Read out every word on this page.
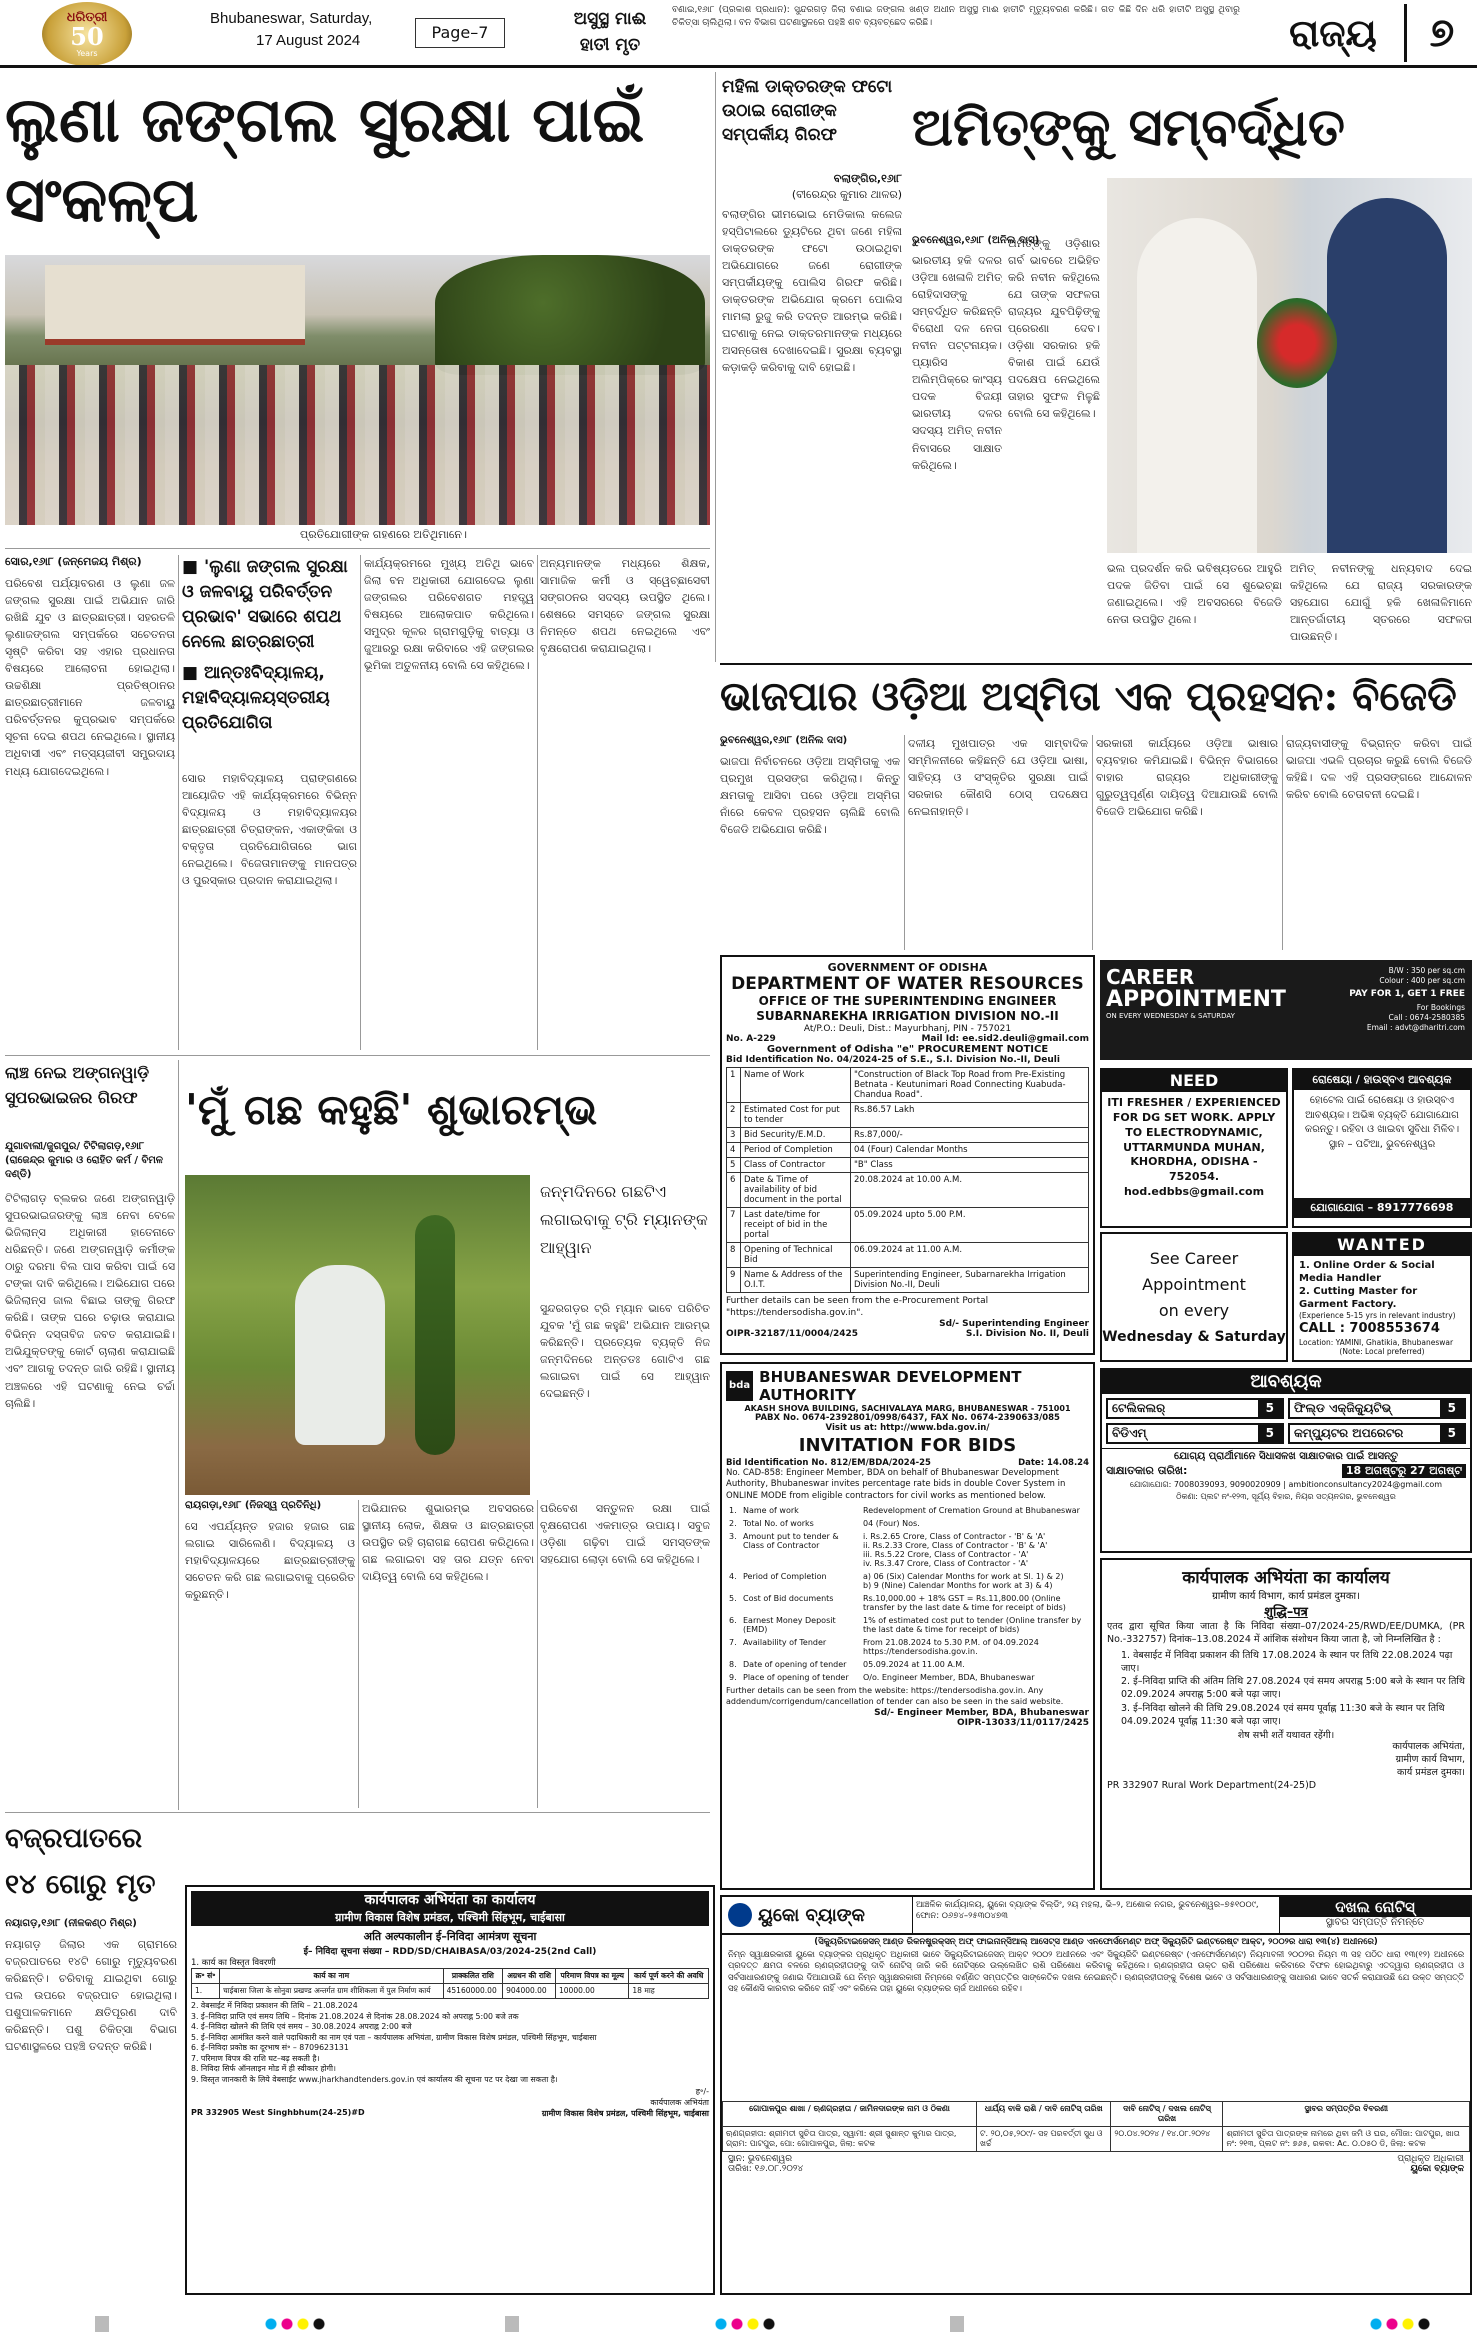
ଧରିତ୍ରୀ
50
Years
Bhubaneswar, Saturday,
17 August 2024	Page–7
ଅସୁସ୍ଥ ମାଈ
ହାତୀ ମୃତ
ବଣାଇ,୧୬ା୮ (ପ୍ରକାଶ ପ୍ରଧାନ): ସୁନ୍ଦରଗଡ଼ ଜିଲା ବଣାଇ ଜଙ୍ଗଲ ଖଣ୍ଡ ଅଧୀନ ଅସୁସ୍ଥ ମାଈ ହାତୀଟି ମୃତ୍ୟୁବରଣ କରିଛି। ଗତ କିଛି ଦିନ ଧରି ହାତୀଟି ଅସୁସ୍ଥ ଥିବାରୁ ଚିକିତ୍ସା ଚାଲିଥିଲା। ବନ ବିଭାଗ ଘଟଣାସ୍ଥଳରେ ପହଞ୍ଚି ଶବ ବ୍ୟବଚ୍ଛେଦ କରିଛି।	ରାଜ୍ୟ	୭
ଲୁଣା ଜଙ୍ଗଲ ସୁରକ୍ଷା ପାଇଁ ସଂକଳ୍ପ
ପ୍ରତିଯୋଗୀଙ୍କ ଗହଣରେ ଅତିଥିମାନେ।
ସୋର,୧୬ା୮ (ଜନ୍ମେଜୟ ମିଶ୍ର)
ପରିବେଶ ପର୍ଯ୍ୟାବରଣ ଓ ଲୁଣା ଜଳ ଜଙ୍ଗଲ ସୁରକ୍ଷା ପାଇଁ ଅଭିଯାନ ଜାରି ରଖିଛି ଯୁବ ଓ ଛାତ୍ରଛାତ୍ରୀ। ସହରତଳି ଲୁଣାଜଙ୍ଗଲ ସମ୍ପର୍କରେ ସଚେତନତା ସୃଷ୍ଟି କରିବା ସହ ଏହାର ପ୍ରଧାନତା ବିଷୟରେ ଆଲୋଚନା ହୋଇଥିଲା। ଉଚ୍ଚଶିକ୍ଷା ପ୍ରତିଷ୍ଠାନର ଛାତ୍ରଛାତ୍ରୀମାନେ ଜଳବାୟୁ ପରିବର୍ତ୍ତନର କୁପ୍ରଭାବ ସମ୍ପର୍କରେ ସୂଚନା ଦେଇ ଶପଥ ନେଇଥିଲେ। ସ୍ଥାନୀୟ ଅଧିବାସୀ ଏବଂ ମତ୍ସ୍ୟଜୀବୀ ସମ୍ପ୍ରଦାୟ ମଧ୍ୟ ଯୋଗଦେଇଥିଲେ।
■ 'ଲୁଣା ଜଙ୍ଗଲ ସୁରକ୍ଷା ଓ ଜଳବାୟୁ ପରିବର୍ତ୍ତନ ପ୍ରଭାବ' ସଭାରେ ଶପଥ ନେଲେ ଛାତ୍ରଛାତ୍ରୀ
■ ଆନ୍ତଃବିଦ୍ୟାଳୟ, ମହାବିଦ୍ୟାଳୟସ୍ତରୀୟ ପ୍ରତିଯୋଗିତା
ସୋର ମହାବିଦ୍ୟାଳୟ ପ୍ରାଙ୍ଗଣରେ ଆୟୋଜିତ ଏହି କାର୍ଯ୍ୟକ୍ରମରେ ବିଭିନ୍ନ ବିଦ୍ୟାଳୟ ଓ ମହାବିଦ୍ୟାଳୟର ଛାତ୍ରଛାତ୍ରୀ ଚିତ୍ରାଙ୍କନ, ଏକାଙ୍କିକା ଓ ବକ୍ତୃତା ପ୍ରତିଯୋଗିତାରେ ଭାଗ ନେଇଥିଲେ। ବିଜେତାମାନଙ୍କୁ ମାନପତ୍ର ଓ ପୁରସ୍କାର ପ୍ରଦାନ କରାଯାଇଥିଲା।
କାର୍ଯ୍ୟକ୍ରମରେ ମୁଖ୍ୟ ଅତିଥି ଭାବେ ଜିଲା ବନ ଅଧିକାରୀ ଯୋଗଦେଇ ଲୁଣା ଜଙ୍ଗଲର ପରିବେଶଗତ ମହତ୍ତ୍ୱ ବିଷୟରେ ଆଲୋକପାତ କରିଥିଲେ। ସମୁଦ୍ର କୂଳର ଗ୍ରାମଗୁଡ଼ିକୁ ବାତ୍ୟା ଓ ଜୁଆରରୁ ରକ୍ଷା କରିବାରେ ଏହି ଜଙ୍ଗଲର ଭୂମିକା ଅତୁଳନୀୟ ବୋଲି ସେ କହିଥିଲେ।
ଅନ୍ୟମାନଙ୍କ ମଧ୍ୟରେ ଶିକ୍ଷକ, ସାମାଜିକ କର୍ମୀ ଓ ସ୍ୱେଚ୍ଛାସେବୀ ସଙ୍ଗଠନର ସଦସ୍ୟ ଉପସ୍ଥିତ ଥିଲେ। ଶେଷରେ ସମସ୍ତେ ଜଙ୍ଗଲ ସୁରକ୍ଷା ନିମନ୍ତେ ଶପଥ ନେଇଥିଲେ ଏବଂ ବୃକ୍ଷରୋପଣ କରାଯାଇଥିଲା।
ମହିଳା ଡାକ୍ତରଙ୍କ ଫଟୋ ଉଠାଇ ରୋଗୀଙ୍କ ସମ୍ପର୍କୀୟ ଗିରଫ
ବଲାଙ୍ଗିର,୧୬ା୮
(ବୀରେନ୍ଦ୍ର କୁମାର ଥାଳର)
ବଲାଙ୍ଗିର ଭୀମଭୋଇ ମେଡିକାଲ କଲେଜ ହସ୍ପିଟାଲରେ ଡ୍ୟୁଟିରେ ଥିବା ଜଣେ ମହିଳା ଡାକ୍ତରଙ୍କ ଫଟୋ ଉଠାଇଥିବା ଅଭିଯୋଗରେ ଜଣେ ରୋଗୀଙ୍କ ସମ୍ପର୍କୀୟଙ୍କୁ ପୋଲିସ ଗିରଫ କରିଛି। ଡାକ୍ତରଙ୍କ ଅଭିଯୋଗ କ୍ରମେ ପୋଲିସ ମାମଲା ରୁଜୁ କରି ତଦନ୍ତ ଆରମ୍ଭ କରିଛି। ଘଟଣାକୁ ନେଇ ଡାକ୍ତରମାନଙ୍କ ମଧ୍ୟରେ ଅସନ୍ତୋଷ ଦେଖାଦେଇଛି। ସୁରକ୍ଷା ବ୍ୟବସ୍ଥା କଡ଼ାକଡ଼ି କରିବାକୁ ଦାବି ହୋଇଛି।
ଅମିତ୍‌ଙ୍କୁ ସମ୍ବର୍ଦ୍ଧିତ
ଭୁବନେଶ୍ୱର,୧୬ା୮ (ଅନିଲ ଦାସ)
ଭାରତୀୟ ହକି ଦଳର ଓଡ଼ିଆ ଖେଳାଳି ଅମିତ୍ ରୋହିଦାସଙ୍କୁ ସମ୍ବର୍ଦ୍ଧିତ କରିଛନ୍ତି ବିରୋଧୀ ଦଳ ନେତା ନବୀନ ପଟ୍ଟନାୟକ। ପ୍ୟାରିସ ଅଲିମ୍ପିକ୍‌ରେ କାଂସ୍ୟ ପଦକ ବିଜୟୀ ଭାରତୀୟ ଦଳର ସଦସ୍ୟ ଅମିତ୍ ନବୀନ ନିବାସରେ ସାକ୍ଷାତ କରିଥିଲେ।
ଅମିତ୍‌ଙ୍କୁ ଓଡ଼ିଶାର ଗର୍ବ ଭାବରେ ଅଭିହିତ କରି ନବୀନ କହିଥିଲେ ଯେ ତାଙ୍କ ସଫଳତା ରାଜ୍ୟର ଯୁବପିଢ଼ିଙ୍କୁ ପ୍ରେରଣା ଦେବ। ଓଡ଼ିଶା ସରକାର ହକି ବିକାଶ ପାଇଁ ଯେଉଁ ପଦକ୍ଷେପ ନେଇଥିଲେ ତାହାର ସୁଫଳ ମିଳୁଛି ବୋଲି ସେ କହିଥିଲେ।
ଭଲ ପ୍ରଦର୍ଶନ କରି ଭବିଷ୍ୟତରେ ଆହୁରି ପଦକ ଜିତିବା ପାଇଁ ସେ ଶୁଭେଚ୍ଛା ଜଣାଇଥିଲେ। ଏହି ଅବସରରେ ବିଜେଡି ନେତା ଉପସ୍ଥିତ ଥିଲେ।
ଅମିତ୍ ନବୀନଙ୍କୁ ଧନ୍ୟବାଦ ଦେଇ କହିଥିଲେ ଯେ ରାଜ୍ୟ ସରକାରଙ୍କ ସହଯୋଗ ଯୋଗୁଁ ହକି ଖେଳାଳିମାନେ ଆନ୍ତର୍ଜାତୀୟ ସ୍ତରରେ ସଫଳତା ପାଉଛନ୍ତି।
ଭାଜପାର ଓଡ଼ିଆ ଅସ୍ମିତା ଏକ ପ୍ରହସନ: ବିଜେଡି
ଭୁବନେଶ୍ୱର,୧୬ା୮ (ଅନିଲ ଦାସ)
ଭାଜପା ନିର୍ବାଚନରେ ଓଡ଼ିଆ ଅସ୍ମିତାକୁ ଏକ ପ୍ରମୁଖ ପ୍ରସଙ୍ଗ କରିଥିଲା। କିନ୍ତୁ କ୍ଷମତାକୁ ଆସିବା ପରେ ଓଡ଼ିଆ ଅସ୍ମିତା ନାଁରେ କେବଳ ପ୍ରହସନ ଚାଲିଛି ବୋଲି ବିଜେଡି ଅଭିଯୋଗ କରିଛି।
ଦଳୀୟ ମୁଖପାତ୍ର ଏକ ସାମ୍ବାଦିକ ସମ୍ମିଳନୀରେ କହିଛନ୍ତି ଯେ ଓଡ଼ିଆ ଭାଷା, ସାହିତ୍ୟ ଓ ସଂସ୍କୃତିର ସୁରକ୍ଷା ପାଇଁ ସରକାର କୌଣସି ଠୋସ୍ ପଦକ୍ଷେପ ନେଇନାହାନ୍ତି।
ସରକାରୀ କାର୍ଯ୍ୟରେ ଓଡ଼ିଆ ଭାଷାର ବ୍ୟବହାର କମିଯାଇଛି। ବିଭିନ୍ନ ବିଭାଗରେ ବାହାର ରାଜ୍ୟର ଅଧିକାରୀଙ୍କୁ ଗୁରୁତ୍ୱପୂର୍ଣ୍ଣ ଦାୟିତ୍ୱ ଦିଆଯାଉଛି ବୋଲି ବିଜେଡି ଅଭିଯୋଗ କରିଛି।
ରାଜ୍ୟବାସୀଙ୍କୁ ବିଭ୍ରାନ୍ତ କରିବା ପାଇଁ ଭାଜପା ଏଭଳି ପ୍ରଚାର କରୁଛି ବୋଲି ବିଜେଡି କହିଛି। ଦଳ ଏହି ପ୍ରସଙ୍ଗରେ ଆନ୍ଦୋଳନ କରିବ ବୋଲି ଚେତାବନୀ ଦେଇଛି।
ଲାଞ୍ଚ ନେଇ ଅଙ୍ଗନୱାଡ଼ି ସୁପରଭାଇଜର ଗିରଫ
ଯୁଗାବାଲୀ/ଜୁଗପୁର/ ଟିଟିଲାଗଡ଼,୧୬ା୮ (ରାଜେନ୍ଦ୍ର କୁମାର ଓ ରୋହିତ କର୍ମ / ବିମଳ ଦଣ୍ଡି)
ଟିଟିଲାଗଡ଼ ବ୍ଲକର ଜଣେ ଅଙ୍ଗନୱାଡ଼ି ସୁପରଭାଇଜରଙ୍କୁ ଲାଞ୍ଚ ନେବା ବେଳେ ଭିଜିଲାନ୍ସ ଅଧିକାରୀ ହାତେନାତେ ଧରିଛନ୍ତି। ଜଣେ ଅଙ୍ଗନୱାଡ଼ି କର୍ମୀଙ୍କ ଠାରୁ ଦରମା ବିଲ ପାସ କରିବା ପାଇଁ ସେ ଟଙ୍କା ଦାବି କରିଥିଲେ। ଅଭିଯୋଗ ପରେ ଭିଜିଲାନ୍ସ ଜାଲ ବିଛାଇ ତାଙ୍କୁ ଗିରଫ କରିଛି। ତାଙ୍କ ଘରେ ଚଢ଼ାଉ କରାଯାଇ ବିଭିନ୍ନ ଦସ୍ତାବିଜ ଜବତ କରାଯାଇଛି। ଅଭିଯୁକ୍ତଙ୍କୁ କୋର୍ଟ ଚାଲାଣ କରାଯାଇଛି ଏବଂ ଆଗକୁ ତଦନ୍ତ ଜାରି ରହିଛି। ସ୍ଥାନୀୟ ଅଞ୍ଚଳରେ ଏହି ଘଟଣାକୁ ନେଇ ଚର୍ଚ୍ଚା ଚାଲିଛି।
'ମୁଁ ଗଛ କହୁଛି' ଶୁଭାରମ୍ଭ
ଜନ୍ମଦିନରେ ଗଛଟିଏ ଲଗାଇବାକୁ ଟ୍ରି ମ୍ୟାନଙ୍କ ଆହ୍ୱାନ
ସୁନ୍ଦରଗଡ଼ର ଟ୍ରି ମ୍ୟାନ ଭାବେ ପରିଚିତ ଯୁବକ 'ମୁଁ ଗଛ କହୁଛି' ଅଭିଯାନ ଆରମ୍ଭ କରିଛନ୍ତି। ପ୍ରତ୍ୟେକ ବ୍ୟକ୍ତି ନିଜ ଜନ୍ମଦିନରେ ଅନ୍ତତଃ ଗୋଟିଏ ଗଛ ଲଗାଇବା ପାଇଁ ସେ ଆହ୍ୱାନ ଦେଇଛନ୍ତି।
ରାୟଗଡ଼ା,୧୬ା୮ (ନିଜସ୍ୱ ପ୍ରତିନିଧି)
ସେ ଏପର୍ଯ୍ୟନ୍ତ ହଜାର ହଜାର ଗଛ ଲଗାଇ ସାରିଲେଣି। ବିଦ୍ୟାଳୟ ଓ ମହାବିଦ୍ୟାଳୟରେ ଛାତ୍ରଛାତ୍ରୀଙ୍କୁ ସଚେତନ କରି ଗଛ ଲଗାଇବାକୁ ପ୍ରେରିତ କରୁଛନ୍ତି।
ଅଭିଯାନର ଶୁଭାରମ୍ଭ ଅବସରରେ ସ୍ଥାନୀୟ ଲୋକ, ଶିକ୍ଷକ ଓ ଛାତ୍ରଛାତ୍ରୀ ଉପସ୍ଥିତ ରହି ଚାରାଗଛ ରୋପଣ କରିଥିଲେ। ଗଛ ଲଗାଇବା ସହ ତାର ଯତ୍ନ ନେବା ଦାୟିତ୍ୱ ବୋଲି ସେ କହିଥିଲେ।
ପରିବେଶ ସନ୍ତୁଳନ ରକ୍ଷା ପାଇଁ ବୃକ୍ଷରୋପଣ ଏକମାତ୍ର ଉପାୟ। ସବୁଜ ଓଡ଼ିଶା ଗଢ଼ିବା ପାଇଁ ସମସ୍ତଙ୍କ ସହଯୋଗ ଲୋଡ଼ା ବୋଲି ସେ କହିଥିଲେ।
ବଜ୍ରପାତରେ
୧୪ ଗୋରୁ ମୃତ
ନୟାଗଡ଼,୧୬ା୮ (ନୀଳକଣ୍ଠ ମିଶ୍ର)
ନୟାଗଡ଼ ଜିଲାର ଏକ ଗ୍ରାମରେ ବଜ୍ରପାତରେ ୧୪ଟି ଗୋରୁ ମୃତ୍ୟୁବରଣ କରିଛନ୍ତି। ଚରିବାକୁ ଯାଇଥିବା ଗୋରୁ ପଲ ଉପରେ ବଜ୍ରପାତ ହୋଇଥିଲା। ପଶୁପାଳକମାନେ କ୍ଷତିପୂରଣ ଦାବି କରିଛନ୍ତି। ପଶୁ ଚିକିତ୍ସା ବିଭାଗ ଘଟଣାସ୍ଥଳରେ ପହଞ୍ଚି ତଦନ୍ତ କରିଛି।
GOVERNMENT OF ODISHA
DEPARTMENT OF WATER RESOURCES
OFFICE OF THE SUPERINTENDING ENGINEER SUBARNAREKHA IRRIGATION DIVISION NO.-II
At/P.O.: Deuli, Dist.: Mayurbhanj, PIN - 757021
No. A-229	Mail Id: ee.sid2.deuli@gmail.com
Government of Odisha "e" PROCUREMENT NOTICE
Bid Identification No. 04/2024-25 of S.E., S.I. Division No.-II, Deuli
1	Name of Work	"Construction of Black Top Road from Pre-Existing Betnata - Keutunimari Road Connecting Kuabuda-Chandua Road".
2	Estimated Cost for put to tender	Rs.86.57 Lakh
3	Bid Security/E.M.D.	Rs.87,000/-
4	Period of Completion	04 (Four) Calendar Months
5	Class of Contractor	"B" Class
6	Date & Time of availability of bid document in the portal	20.08.2024 at 10.00 A.M.
7	Last date/time for receipt of bid in the portal	05.09.2024 upto 5.00 P.M.
8	Opening of Technical Bid	06.09.2024 at 11.00 A.M.
9	Name & Address of the O.I.T.	Superintending Engineer, Subarnarekha Irrigation Division No.-II, Deuli
Further details can be seen from the e-Procurement Portal "https://tendersodisha.gov.in".
Sd/- Superintending Engineer
OIPR-32187/11/0004/2425	S.I. Division No. II, Deuli
bda BHUBANESWAR DEVELOPMENT AUTHORITY
AKASH SHOVA BUILDING, SACHIVALAYA MARG, BHUBANESWAR - 751001
PABX No. 0674-2392801/0998/6437, FAX No. 0674-2390633/085
Visit us at: http://www.bda.gov.in/
INVITATION FOR BIDS
Bid Identification No. 812/EM/BDA/2024-25	Date: 14.08.24
No. CAD-858: Engineer Member, BDA on behalf of Bhubaneswar Development Authority, Bhubaneswar invites percentage rate bids in double Cover System in ONLINE MODE from eligible contractors for civil works as mentioned below.
1.	Name of work	Redevelopment of Cremation Ground at Bhubaneswar
2.	Total No. of works	04 (Four) Nos.
3.	Amount put to tender & Class of Contractor	i. Rs.2.65 Crore, Class of Contractor - 'B' & 'A'
ii. Rs.2.33 Crore, Class of Contractor - 'B' & 'A'
iii. Rs.5.22 Crore, Class of Contractor - 'A'
iv. Rs.3.47 Crore, Class of Contractor - 'A'
4.	Period of Completion	a) 06 (Six) Calendar Months for work at Sl. 1) & 2)
b) 9 (Nine) Calendar Months for work at 3) & 4)
5.	Cost of Bid documents	Rs.10,000.00 + 18% GST = Rs.11,800.00 (Online transfer by the last date & time for receipt of bids)
6.	Earnest Money Deposit (EMD)	1% of estimated cost put to tender (Online transfer by the last date & time for receipt of bids)
7.	Availability of Tender	From 21.08.2024 to 5.30 P.M. of 04.09.2024 https://tendersodisha.gov.in.
8.	Date of opening of tender	05.09.2024 at 11.00 A.M.
9.	Place of opening of tender	O/o. Engineer Member, BDA, Bhubaneswar
Further details can be seen from the website: https://tendersodisha.gov.in. Any addendum/corrigendum/cancellation of tender can also be seen in the said website.
Sd/- Engineer Member, BDA, Bhubaneswar
OIPR-13033/11/0117/2425
CAREER
APPOINTMENT
ON EVERY WEDNESDAY & SATURDAY
B/W : 350 per sq.cm
Colour : 400 per sq.cm
PAY FOR 1, GET 1 FREE
For Bookings
Call : 0674-2580385
Email : advt@dharitri.com
NEED
ITI FRESHER / EXPERIENCED FOR DG SET WORK. APPLY TO ELECTRODYNAMIC, UTTARMUNDA MUHAN, KHORDHA, ODISHA - 752054. hod.edbbs@gmail.com
ରୋଷେୟା / ହାଉସ୍‌ବଏ ଆବଶ୍ୟକ
ହୋଟେଲ ପାଇଁ ରୋଷେୟା ଓ ହାଉସ୍‌ବଏ ଆବଶ୍ୟକ। ଅଭିଜ୍ଞ ବ୍ୟକ୍ତି ଯୋଗାଯୋଗ କରନ୍ତୁ। ରହିବା ଓ ଖାଇବା ସୁବିଧା ମିଳିବ। ସ୍ଥାନ – ପଟିଆ, ଭୁବନେଶ୍ୱର
ଯୋଗାଯୋଗ – 8917776698
See Career
Appointment
on every
Wednesday & Saturday
WANTED
1. Online Order & Social Media Handler
2. Cutting Master for Garment Factory.
(Experience 5-15 yrs in relevant industry)
CALL : 7008553674
Location: YAMINI, Ghatikia, Bhubaneswar
(Note: Local preferred)
ଆବଶ୍ୟକ
ଟେଲିକଲର୍	5	ଫିଲ୍ଡ ଏକ୍ଜିକ୍ୟୁଟିଭ୍	5
ବିଡିଏମ୍	5	କମ୍ପ୍ୟୁଟର ଅପରେଟର	5
ଯୋଗ୍ୟ ପ୍ରାର୍ଥୀମାନେ ସିଧାସଳଖ ସାକ୍ଷାତକାର ପାଇଁ ଆସନ୍ତୁ
ସାକ୍ଷାତକାର ତାରିଖ:	18 ଅଗଷ୍ଟରୁ 27 ଅଗଷ୍ଟ
ଯୋଗାଯୋଗ: 7008039093, 9090020909 | ambitionconsultancy2024@gmail.com
ଠିକଣା: ପ୍ଲଟ ନଂ-୧୨୩, ସୂର୍ଯ୍ୟ ବିହାର, ନିୟର ସତ୍ୟନଗର, ଭୁବନେଶ୍ୱର
कार्यपालक अभियंता का कार्यालय
ग्रामीण कार्य विभाग, कार्य प्रमंडल दुमका।
शुद्धि–पत्र
एतद द्वारा सूचित किया जाता है कि निविदा संख्या–07/2024-25/RWD/EE/DUMKA, (PR No.-332757) दिनांक–13.08.2024 में आंशिक संशोधन किया जाता है, जो निम्नलिखित है :
1. वेबसाईट में निविदा प्रकाशन की तिथि 17.08.2024 के स्थान पर तिथि 22.08.2024 पढ़ा जाए।
2. ई–निविदा प्राप्ति की अंतिम तिथि 27.08.2024 एवं समय अपराह्न 5:00 बजे के स्थान पर तिथि 02.09.2024 अपराह्न 5:00 बजे पढ़ा जाए।
3. ई–निविदा खोलने की तिथि 29.08.2024 एवं समय पूर्वाह्न 11:30 बजे के स्थान पर तिथि 04.09.2024 पूर्वाह्न 11:30 बजे पढ़ा जाए।
शेष सभी शर्तें यथावत रहेंगी।
कार्यपालक अभियंता,
ग्रामीण कार्य विभाग,
कार्य प्रमंडल दुमका।
PR 332907 Rural Work Department(24-25)D
कार्यपालक अभियंता का कार्यालय
ग्रामीण विकास विशेष प्रमंडल, पश्चिमी सिंहभूम, चाईबासा
अति अल्पकालीन ई–निविदा आमंत्रण सूचना
ई– निविदा सूचना संख्या – RDD/SD/CHAIBASA/03/2024-25(2nd Call)
1. कार्य का विस्तृत विवरणी
क्र॰ सं॰	कार्य का नाम	प्राक्कलित राशि	अग्रधन की राशि	परिमाण विपत्र का मूल्य	कार्य पूर्ण करने की अवधि
1.	चाईबासा जिला के सोनुवा प्रखण्ड अन्तर्गत ग्राम शीशिकला में पुल निर्माण कार्य	45160000.00	904000.00	10000.00	18 माह
2. वेबसाईट में निविदा प्रकाशन की तिथि – 21.08.2024
3. ई–निविदा प्राप्ति एवं समय तिथि – दिनांक 21.08.2024 से दिनांक 28.08.2024 को अपराह्न 5:00 बजे तक
4. ई–निविदा खोलने की तिथि एवं समय – 30.08.2024 अपराह्न 2:00 बजे
5. ई–निविदा आमंत्रित करने वाले पदाधिकारी का नाम एवं पता – कार्यपालक अभियंता, ग्रामीण विकास विशेष प्रमंडल, पश्चिमी सिंहभूम, चाईबासा
6. ई–निविदा प्रकोष्ठ का दूरभाष सं॰ – 8709623131
7. परिमाण विपत्र की राशि घट–बढ़ सकती है।
8. निविदा सिर्फ ऑनलाइन मोड में ही स्वीकार होगी।
9. विस्तृत जानकारी के लिये वेबसाईट www.jharkhandtenders.gov.in एवं कार्यालय की सूचना पट पर देखा जा सकता है।
ह॰/-
कार्यपालक अभियंता
PR 332905 West Singhbhum(24-25)#D	ग्रामीण विकास विशेष प्रमंडल, पश्चिमी सिंहभूम, चाईबासा
ୟୁକୋ ବ୍ୟାଙ୍କ	ଆଞ୍ଚଳିକ କାର୍ଯ୍ୟାଳୟ, ୟୁକୋ ବ୍ୟାଙ୍କ ବିଲ୍ଡିଂ, ୨ୟ ମହଲା, ଭି–୨, ଅଶୋକ ନଗର, ଭୁବନେଶ୍ୱର–୭୫୧୦୦୯, ଫୋନ: ୦୬୭୪–୨୫୩୦୪୭୩
ଦଖଲ ନୋଟିସ୍
ସ୍ଥାବର ସମ୍ପତ୍ତି ନିମନ୍ତେ
(ସିକ୍ୟୁରିଟାଇଜେସନ୍ ଆଣ୍ଡ ରିକନଷ୍ଟ୍ରକ୍ସନ୍ ଅଫ୍ ଫାଇନାନ୍ସିଆଲ୍ ଆସେଟ୍ସ ଆଣ୍ଡ ଏନଫୋର୍ସମେଣ୍ଟ ଅଫ୍ ସିକ୍ୟୁରିଟି ଇଣ୍ଟରେଷ୍ଟ ଆକ୍ଟ, ୨୦୦୨ର ଧାରା ୧୩(୪) ଅଧୀନରେ)
ନିମ୍ନ ସ୍ୱାକ୍ଷରକାରୀ ୟୁକୋ ବ୍ୟାଙ୍କର ପ୍ରାଧିକୃତ ଅଧିକାରୀ ଭାବେ ସିକ୍ୟୁରିଟାଇଜେସନ୍ ଆକ୍ଟ ୨୦୦୨ ଅଧୀନରେ ଏବଂ ସିକ୍ୟୁରିଟି ଇଣ୍ଟରେଷ୍ଟ (ଏନଫୋର୍ସମେଣ୍ଟ) ନିୟମାବଳୀ ୨୦୦୨ର ନିୟମ ୩ ସହ ପଠିତ ଧାରା ୧୩(୧୨) ଅଧୀନରେ ପ୍ରଦତ୍ତ କ୍ଷମତା ବଳରେ ଋଣଗ୍ରହୀତାଙ୍କୁ ଦାବି ନୋଟିସ୍ ଜାରି କରି ନୋଟିସ୍‌ରେ ଉଲ୍ଲେଖିତ ରାଶି ପରିଶୋଧ କରିବାକୁ କହିଥିଲେ। ଋଣଗ୍ରହୀତା ଉକ୍ତ ରାଶି ପରିଶୋଧ କରିବାରେ ବିଫଳ ହୋଇଥିବାରୁ ଏତଦ୍ୱାରା ଋଣଗ୍ରହୀତା ଓ ସର୍ବସାଧାରଣଙ୍କୁ ଜଣାଇ ଦିଆଯାଉଛି ଯେ ନିମ୍ନ ସ୍ୱାକ୍ଷରକାରୀ ନିମ୍ନରେ ବର୍ଣ୍ଣିତ ସମ୍ପତ୍ତିର ସାଙ୍କେତିକ ଦଖଲ ନେଇଛନ୍ତି। ଋଣଗ୍ରହୀତାଙ୍କୁ ବିଶେଷ ଭାବେ ଓ ସର୍ବସାଧାରଣଙ୍କୁ ସାଧାରଣ ଭାବେ ସତର୍କ କରାଯାଉଛି ଯେ ଉକ୍ତ ସମ୍ପତ୍ତି ସହ କୌଣସି କାରବାର କରିବେ ନାହିଁ ଏବଂ କରିଲେ ତାହା ୟୁକୋ ବ୍ୟାଙ୍କର ଚାର୍ଜ ଅଧୀନରେ ରହିବ।
ଗୋପାଳପୁର ଶାଖା / ଋଣଗ୍ରହୀତା / ଜାମିନଦାରଙ୍କ ନାମ ଓ ଠିକଣା	ଧାର୍ଯ୍ୟ ବାକି ରାଶି / ଦାବି ନୋଟିସ୍ ତାରିଖ	ଦାବି ନୋଟିସ୍ / ଦଖଲ ନୋଟିସ୍ ତାରିଖ	ସ୍ଥାବର ସମ୍ପତ୍ତିର ବିବରଣୀ
ଋଣଗ୍ରହୀତା: ଶ୍ରୀମତୀ ସୁଚିତା ପାତ୍ର, ସ୍ୱାମୀ: ଶ୍ରୀ ସୁଶାନ୍ତ କୁମାର ପାତ୍ର, ଗ୍ରାମ: ପାଟପୁର, ପୋ: ଗୋପାଳପୁର, ଜିଲା: କଟକ	ଟ. ୨୦,୦୫,୨୦୯/- ସହ ପରବର୍ତ୍ତୀ ସୁଧ ଓ ଖର୍ଚ୍ଚ	୨୦.୦୪.୨୦୨୪ / ୧୪.୦୮.୨୦୨୪	ଶ୍ରୀମତୀ ସୁଚିତା ପାତ୍ରଙ୍କ ନାମରେ ଥିବା ଜମି ଓ ଘର, ମୌଜା: ପାଟପୁର, ଖାତା ନଂ: ୨୧୩, ପ୍ଲଟ ନଂ: ୭୬୫, ରକବା: Ac. ୦.୦୫୦ ଡି, ଜିଲା: କଟକ
ସ୍ଥାନ: ଭୁବନେଶ୍ୱର
ତାରିଖ: ୧୬.୦୮.୨୦୨୪
ପ୍ରାଧିକୃତ ଅଧିକାରୀ
ୟୁକୋ ବ୍ୟାଙ୍କ
